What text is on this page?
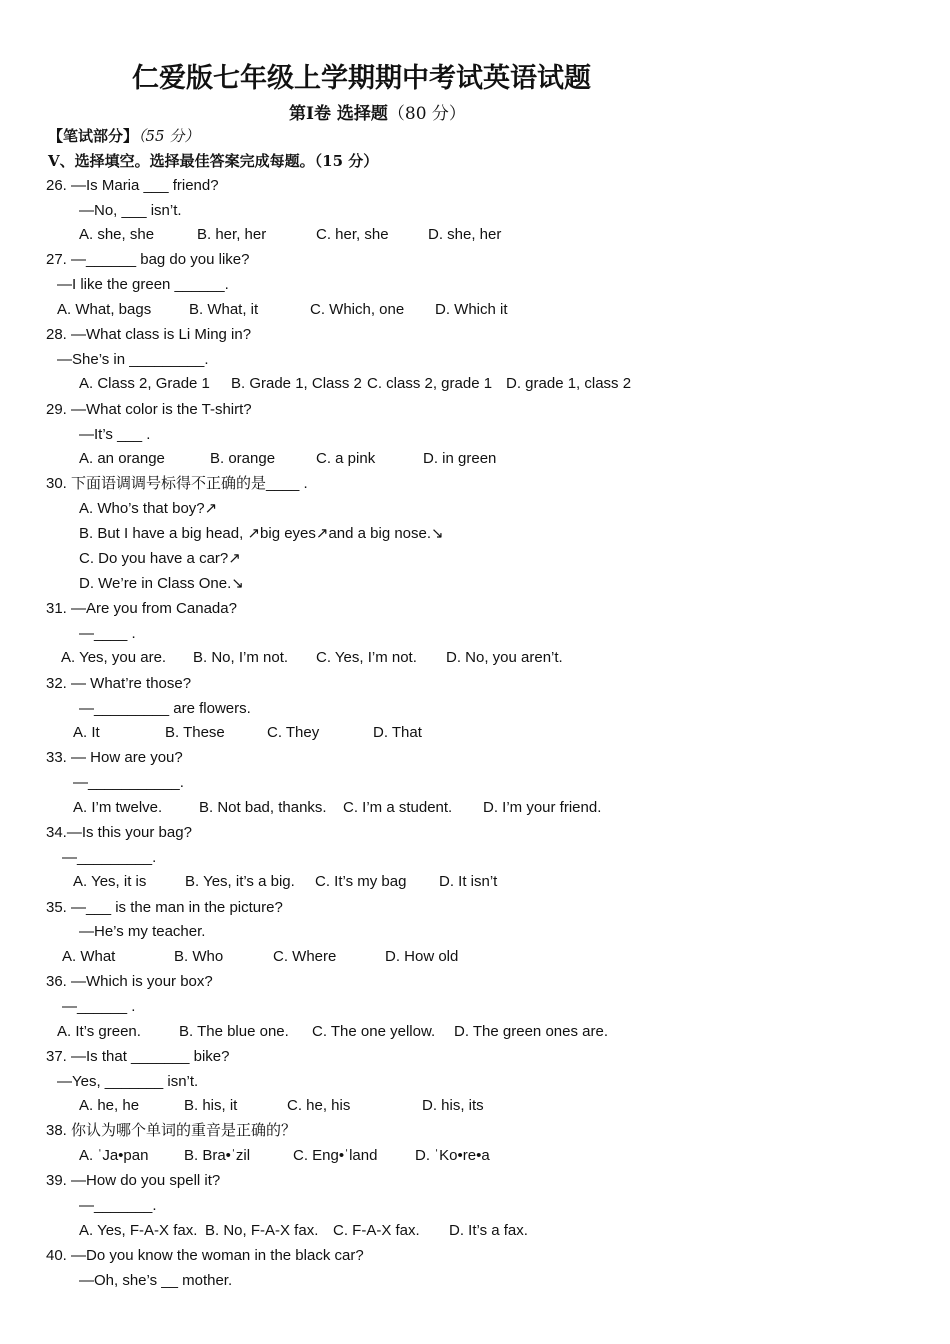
仁爱版七年级上学期期中考试英语试题
第Ⅰ卷 选择题（80 分）
【笔试部分】（55 分）
Ⅴ、选择填空。选择最佳答案完成每题。（15 分）
26. —Is Maria ___ friend?
—No, ___ isn’t.
A. she, she	B. her, her	C. her, she	D. she, her
27. —______ bag do you like?
—I like the green ______.
A. What, bags	B. What, it	C. Which, one D. Which it
28. —What class is Li Ming in?
—She’s in _________.
A. Class 2, Grade 1 B. Grade 1, Class 2 C. class 2, grade 1 D. grade 1, class 2
29. —What color is the T-shirt?
—It’s ___ .
A. an orange	B. orange	C. a pink	D. in green
30. 下面语调调号标得不正确的是____ .
A. Who’s that boy?↗
B. But I have a big head, ↗big eyes↗and a big nose.↘
C. Do you have a car?↗
D. We’re in Class One.↘
31. —Are you from Canada?
—____ .
A. Yes, you are. B. No, I’m not. C. Yes, I’m not. D. No, you aren’t.
32. — What’re those?
—_________ are flowers.
A. It	B. These	C. They	D. That
33. — How are you?
—___________.
A. I’m twelve. B. Not bad, thanks. C. I’m a student. D. I’m your friend.
34.—Is this your bag?
—_________.
A. Yes, it is	B. Yes, it’s a big. C. It’s my bag D. It isn’t
35. —___ is the man in the picture?
—He’s my teacher.
A. What	B. Who	C. Where	D. How old
36. —Which is your box?
—______ .
A. It’s green.	B. The blue one. C. The one yellow. D. The green ones are.
37. —Is that _______ bike?
—Yes, _______ isn’t.
A. he, he	B. his, it	C. he, his	D. his, its
38. 你认为哪个单词的重音是正确的？
A. ˈJa•pan B. Bra•ˈzil	C. Eng•ˈland	D. ˈKo•re•a
39. —How do you spell it?
—_______.
A. Yes, F-A-X fax. B. No, F-A-X fax. C. F-A-X fax. D. It’s a fax.
40. —Do you know the woman in the black car?
—Oh, she’s __ mother.
